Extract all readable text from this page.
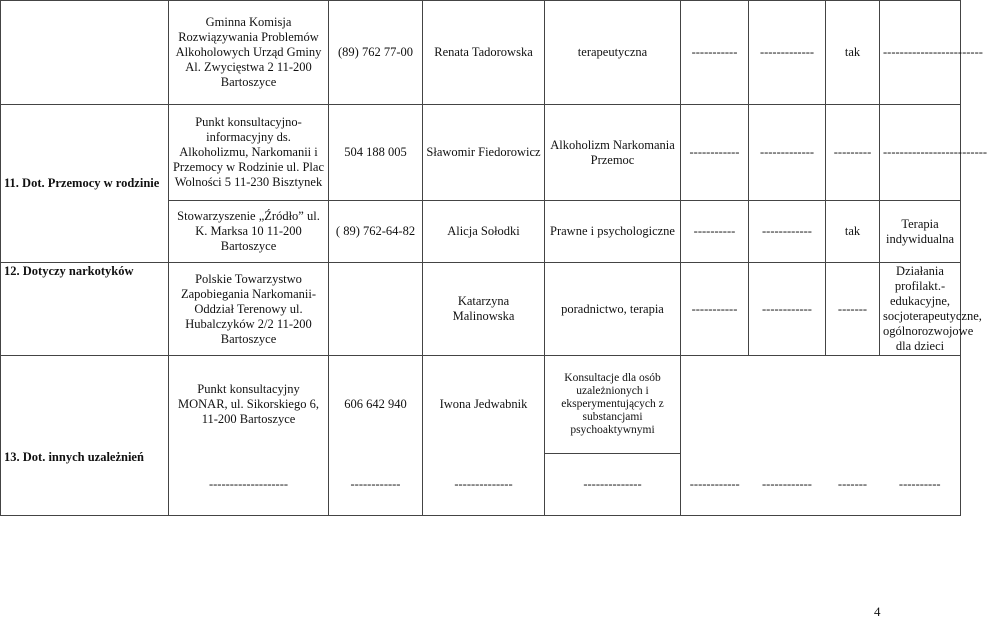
	Gminna Komisja Rozwiązywania Problemów Alkoholowych Urząd Gminy Al. Zwycięstwa 2 11-200 Bartoszyce	(89) 762 77-00	Renata Tadorowska	terapeutyczna	-----------	-------------	tak	------------------------
11. Dot. Przemocy w rodzinie	Punkt konsultacyjno-informacyjny ds. Alkoholizmu, Narkomanii i Przemocy w Rodzinie ul. Plac Wolności 5 11-230 Bisztynek	504 188 005	Sławomir Fiedorowicz	Alkoholizm Narkomania Przemoc	------------	-------------	---------	-------------------------
	Stowarzyszenie „Źródło” ul. K. Marksa 10 11-200 Bartoszyce	( 89) 762-64-82	Alicja Sołodki	Prawne i psychologiczne	----------	------------	tak	Terapia indywidualna
12. Dotyczy narkotyków	Polskie Towarzystwo Zapobiegania Narkomanii-Oddział Terenowy ul. Hubalczyków 2/2 11-200 Bartoszyce		Katarzyna Malinowska	poradnictwo, terapia	-----------	------------	-------	Działania profilakt.-edukacyjne, socjoterapeutyczne, ogólnorozwojowe dla dzieci
13. Dot. innych uzależnień	Punkt konsultacyjny MONAR, ul. Sikorskiego 6, 11-200 Bartoszyce	606 642 940	Iwona Jedwabnik	Konsultacje dla osób uzależnionych i eksperymentujących z substancjami psychoaktywnymi				
	-------------------	------------	--------------	--------------	------------	------------	-------	----------
4
